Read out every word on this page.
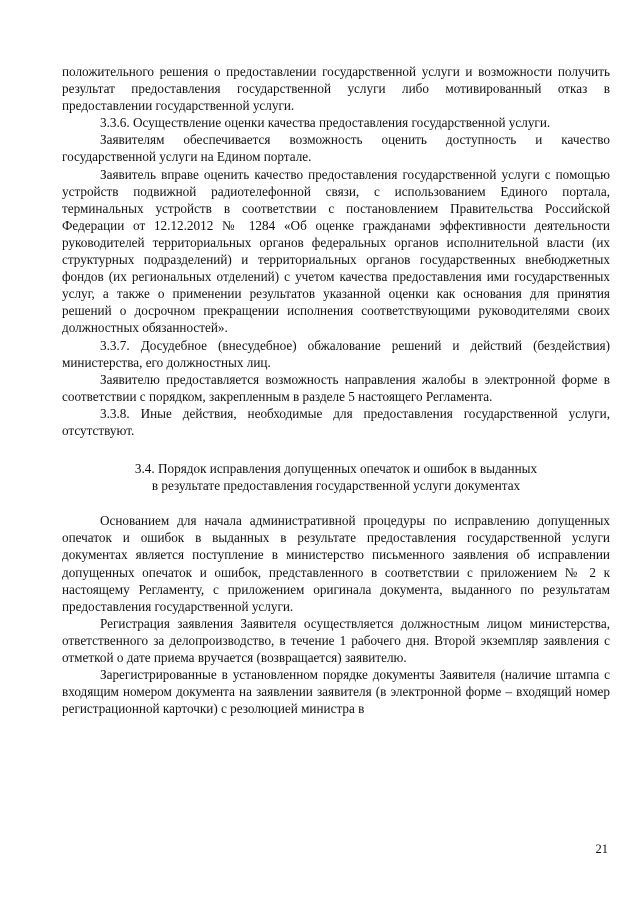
положительного решения о предоставлении государственной услуги и возможности получить результат предоставления государственной услуги либо мотивированный отказ в предоставлении государственной услуги.

3.3.6. Осуществление оценки качества предоставления государственной услуги.

Заявителям обеспечивается возможность оценить доступность и качество государственной услуги на Едином портале.

Заявитель вправе оценить качество предоставления государственной услуги с помощью устройств подвижной радиотелефонной связи, с использованием Единого портала, терминальных устройств в соответствии с постановлением Правительства Российской Федерации от 12.12.2012 № 1284 «Об оценке гражданами эффективности деятельности руководителей территориальных органов федеральных органов исполнительной власти (их структурных подразделений) и территориальных органов государственных внебюджетных фондов (их региональных отделений) с учетом качества предоставления ими государственных услуг, а также о применении результатов указанной оценки как основания для принятия решений о досрочном прекращении исполнения соответствующими руководителями своих должностных обязанностей».

3.3.7. Досудебное (внесудебное) обжалование решений и действий (бездействия) министерства, его должностных лиц.

Заявителю предоставляется возможность направления жалобы в электронной форме в соответствии с порядком, закрепленным в разделе 5 настоящего Регламента.

3.3.8. Иные действия, необходимые для предоставления государственной услуги, отсутствуют.

3.4. Порядок исправления допущенных опечаток и ошибок в выданных
в результате предоставления государственной услуги документах

Основанием для начала административной процедуры по исправлению допущенных опечаток и ошибок в выданных в результате предоставления государственной услуги документах является поступление в министерство письменного заявления об исправлении допущенных опечаток и ошибок, представленного в соответствии с приложением № 2 к настоящему Регламенту, с приложением оригинала документа, выданного по результатам предоставления государственной услуги.

Регистрация заявления Заявителя осуществляется должностным лицом министерства, ответственного за делопроизводство, в течение 1 рабочего дня. Второй экземпляр заявления с отметкой о дате приема вручается (возвращается) заявителю.

Зарегистрированные в установленном порядке документы Заявителя (наличие штампа с входящим номером документа на заявлении заявителя (в электронной форме – входящий номер регистрационной карточки) с резолюцией министра в

21
